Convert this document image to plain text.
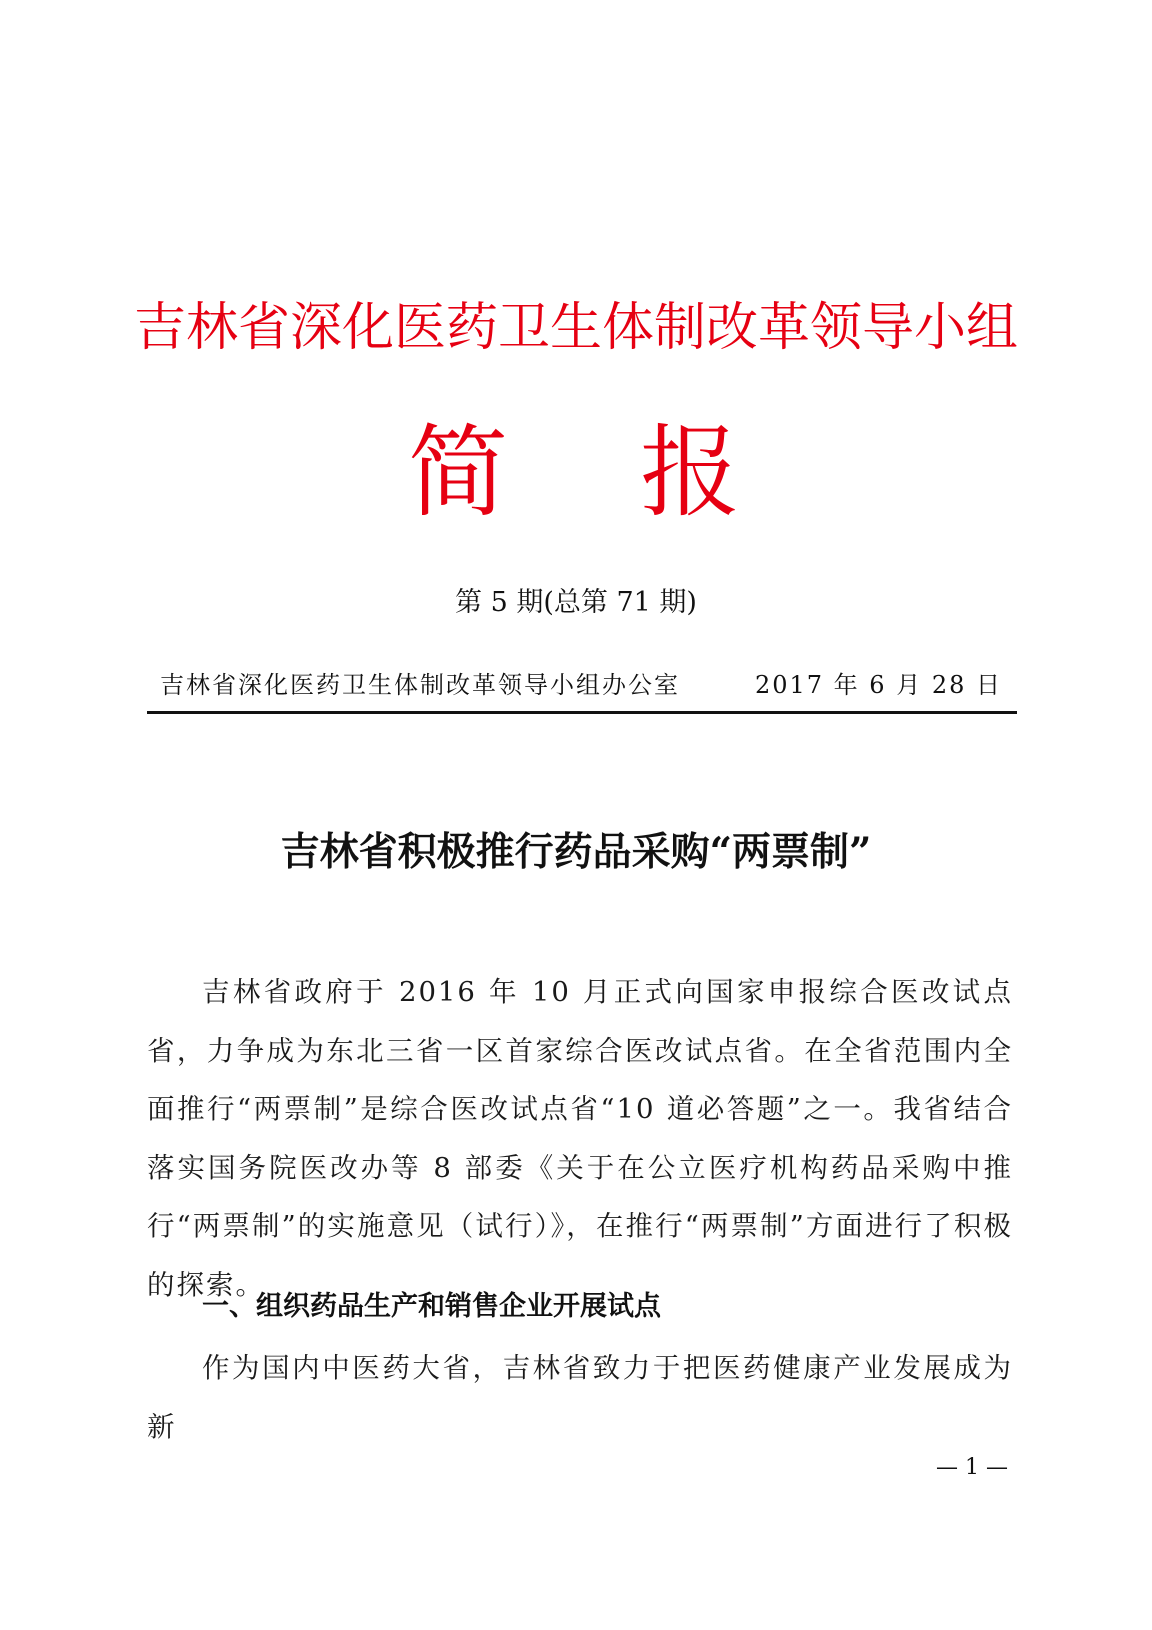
吉林省深化医药卫生体制改革领导小组
简 报
第 5 期(总第 71 期)
吉林省深化医药卫生体制改革领导小组办公室	2017 年 6 月 28 日
吉林省积极推行药品采购“两票制”
吉林省政府于 2016 年 10 月正式向国家申报综合医改试点省，力争成为东北三省一区首家综合医改试点省。在全省范围内全面推行“两票制”是综合医改试点省“10 道必答题”之一。我省结合落实国务院医改办等 8 部委《关于在公立医疗机构药品采购中推行“两票制”的实施意见（试行）》，在推行“两票制”方面进行了积极的探索。
一、组织药品生产和销售企业开展试点
作为国内中医药大省，吉林省致力于把医药健康产业发展成为新
— 1 —
